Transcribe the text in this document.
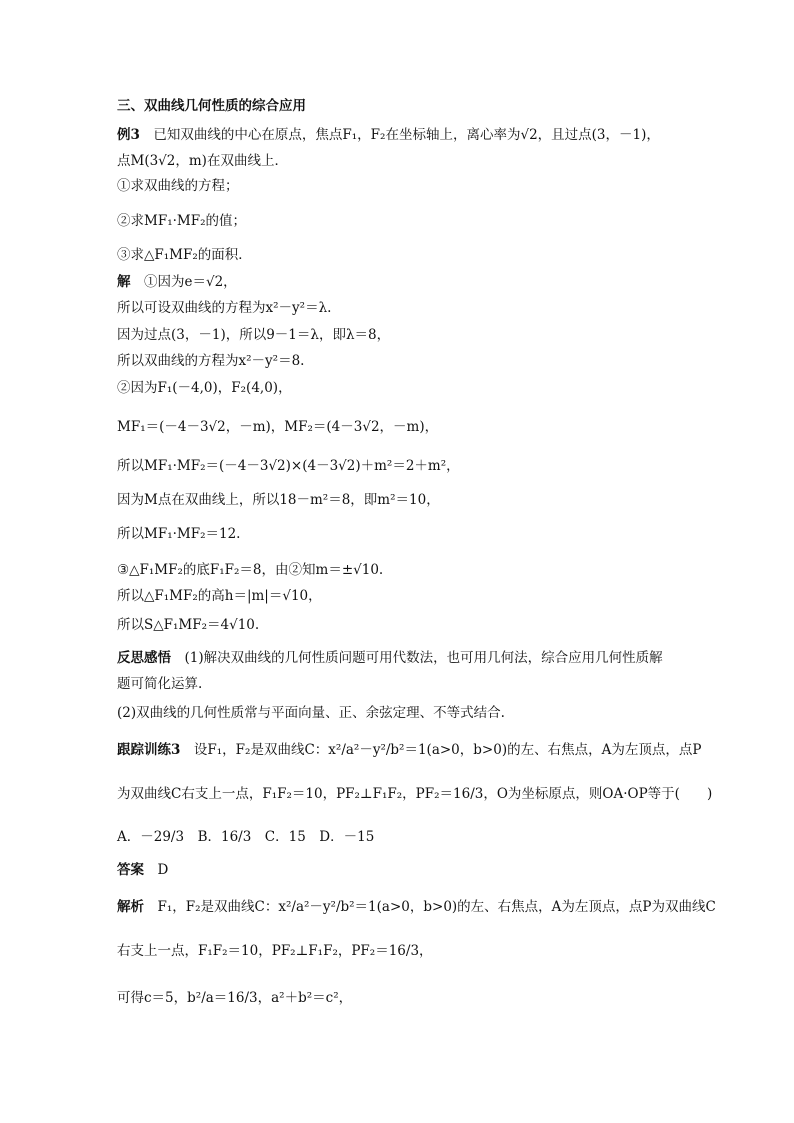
三、双曲线几何性质的综合应用
例3　 已知双曲线的中心在原点，焦点F₁，F₂在坐标轴上，离心率为√2，且过点(3，－1)，
点M(3√2，m)在双曲线上．
①求双曲线的方程；
②求MF₁·MF₂的值；
③求△F₁MF₂的面积．
解　 ①因为e＝√2，
所以可设双曲线的方程为x²－y²＝λ.
因为过点(3，－1)，所以9－1＝λ，即λ＝8，
所以双曲线的方程为x²－y²＝8.
②因为F₁(－4,0)，F₂(4,0)，
MF₁＝(－4－3√2，－m)，MF₂＝(4－3√2，－m)，
所以MF₁·MF₂＝(－4－3√2)×(4－3√2)＋m²＝2＋m²，
因为M点在双曲线上，所以18－m²＝8，即m²＝10，
所以MF₁·MF₂＝12.
③△F₁MF₂的底F₁F₂＝8，由②知m＝±√10.
所以△F₁MF₂的高h＝|m|＝√10，
所以S△F₁MF₂＝4√10.
反思感悟　 (1)解决双曲线的几何性质问题可用代数法，也可用几何法，综合应用几何性质解
题可简化运算.
(2)双曲线的几何性质常与平面向量、正、余弦定理、不等式结合.
跟踪训练3　 设F₁，F₂是双曲线C：x²/a²－y²/b²＝1(a>0，b>0)的左、右焦点，A为左顶点，点P
为双曲线C右支上一点，F₁F₂＝10，PF₂⊥F₁F₂，PF₂＝16/3，O为坐标原点，则OA·OP等于(　　)
A．－29/3　B．16/3　C．15　D．－15
答案　 D
解析　 F₁，F₂是双曲线C：x²/a²－y²/b²＝1(a>0，b>0)的左、右焦点，A为左顶点，点P为双曲线C
右支上一点，F₁F₂＝10，PF₂⊥F₁F₂，PF₂＝16/3，
可得c＝5，b²/a＝16/3，a²＋b²＝c²，
